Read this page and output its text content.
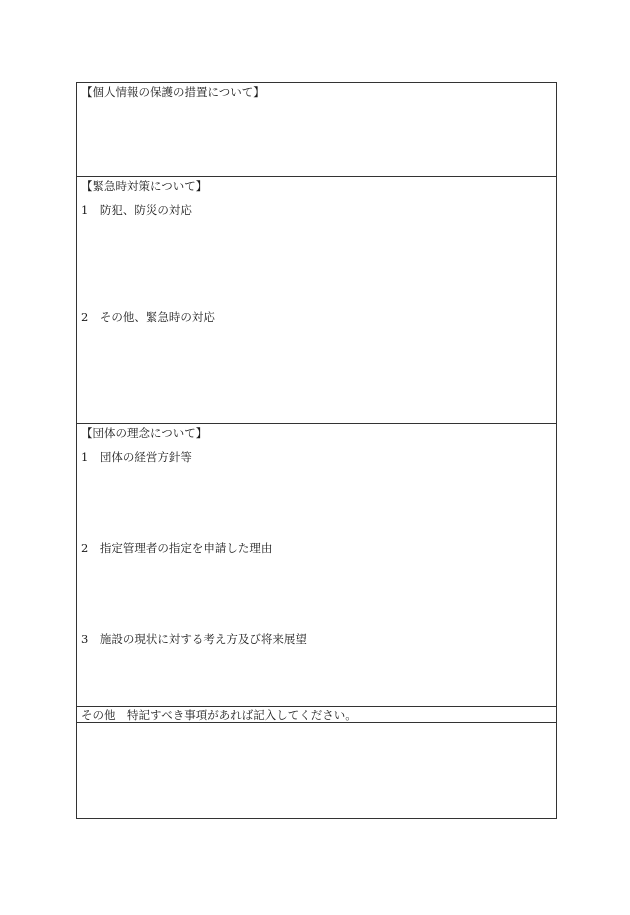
【個人情報の保護の措置について】
【緊急時対策について】
1　防犯、防災の対応
2　その他、緊急時の対応
【団体の理念について】
1　団体の経営方針等
2　指定管理者の指定を申請した理由
3　施設の現状に対する考え方及び将来展望
その他　特記すべき事項があれば記入してください。
